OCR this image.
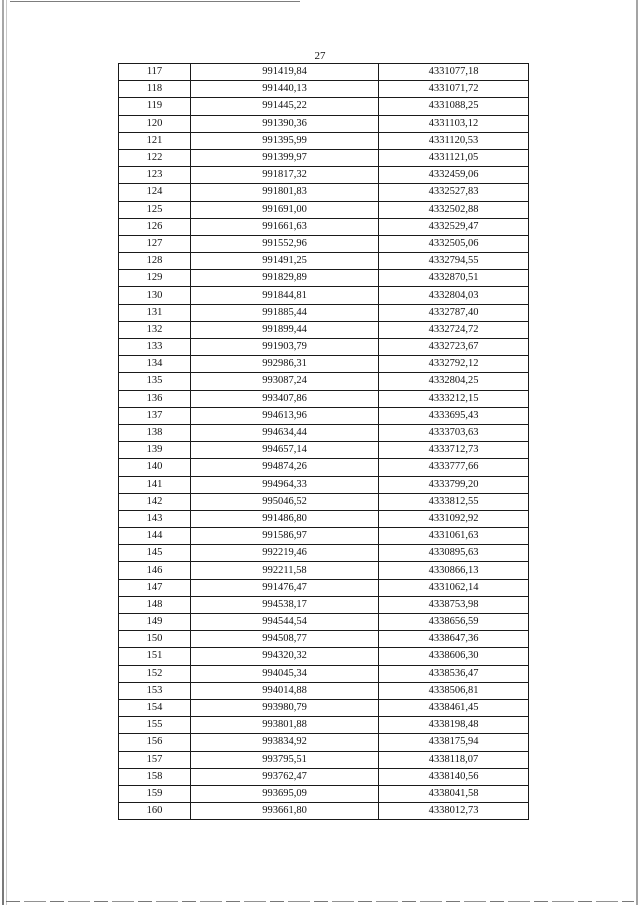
27
117	991419,84	4331077,18
118	991440,13	4331071,72
119	991445,22	4331088,25
120	991390,36	4331103,12
121	991395,99	4331120,53
122	991399,97	4331121,05
123	991817,32	4332459,06
124	991801,83	4332527,83
125	991691,00	4332502,88
126	991661,63	4332529,47
127	991552,96	4332505,06
128	991491,25	4332794,55
129	991829,89	4332870,51
130	991844,81	4332804,03
131	991885,44	4332787,40
132	991899,44	4332724,72
133	991903,79	4332723,67
134	992986,31	4332792,12
135	993087,24	4332804,25
136	993407,86	4333212,15
137	994613,96	4333695,43
138	994634,44	4333703,63
139	994657,14	4333712,73
140	994874,26	4333777,66
141	994964,33	4333799,20
142	995046,52	4333812,55
143	991486,80	4331092,92
144	991586,97	4331061,63
145	992219,46	4330895,63
146	992211,58	4330866,13
147	991476,47	4331062,14
148	994538,17	4338753,98
149	994544,54	4338656,59
150	994508,77	4338647,36
151	994320,32	4338606,30
152	994045,34	4338536,47
153	994014,88	4338506,81
154	993980,79	4338461,45
155	993801,88	4338198,48
156	993834,92	4338175,94
157	993795,51	4338118,07
158	993762,47	4338140,56
159	993695,09	4338041,58
160	993661,80	4338012,73
